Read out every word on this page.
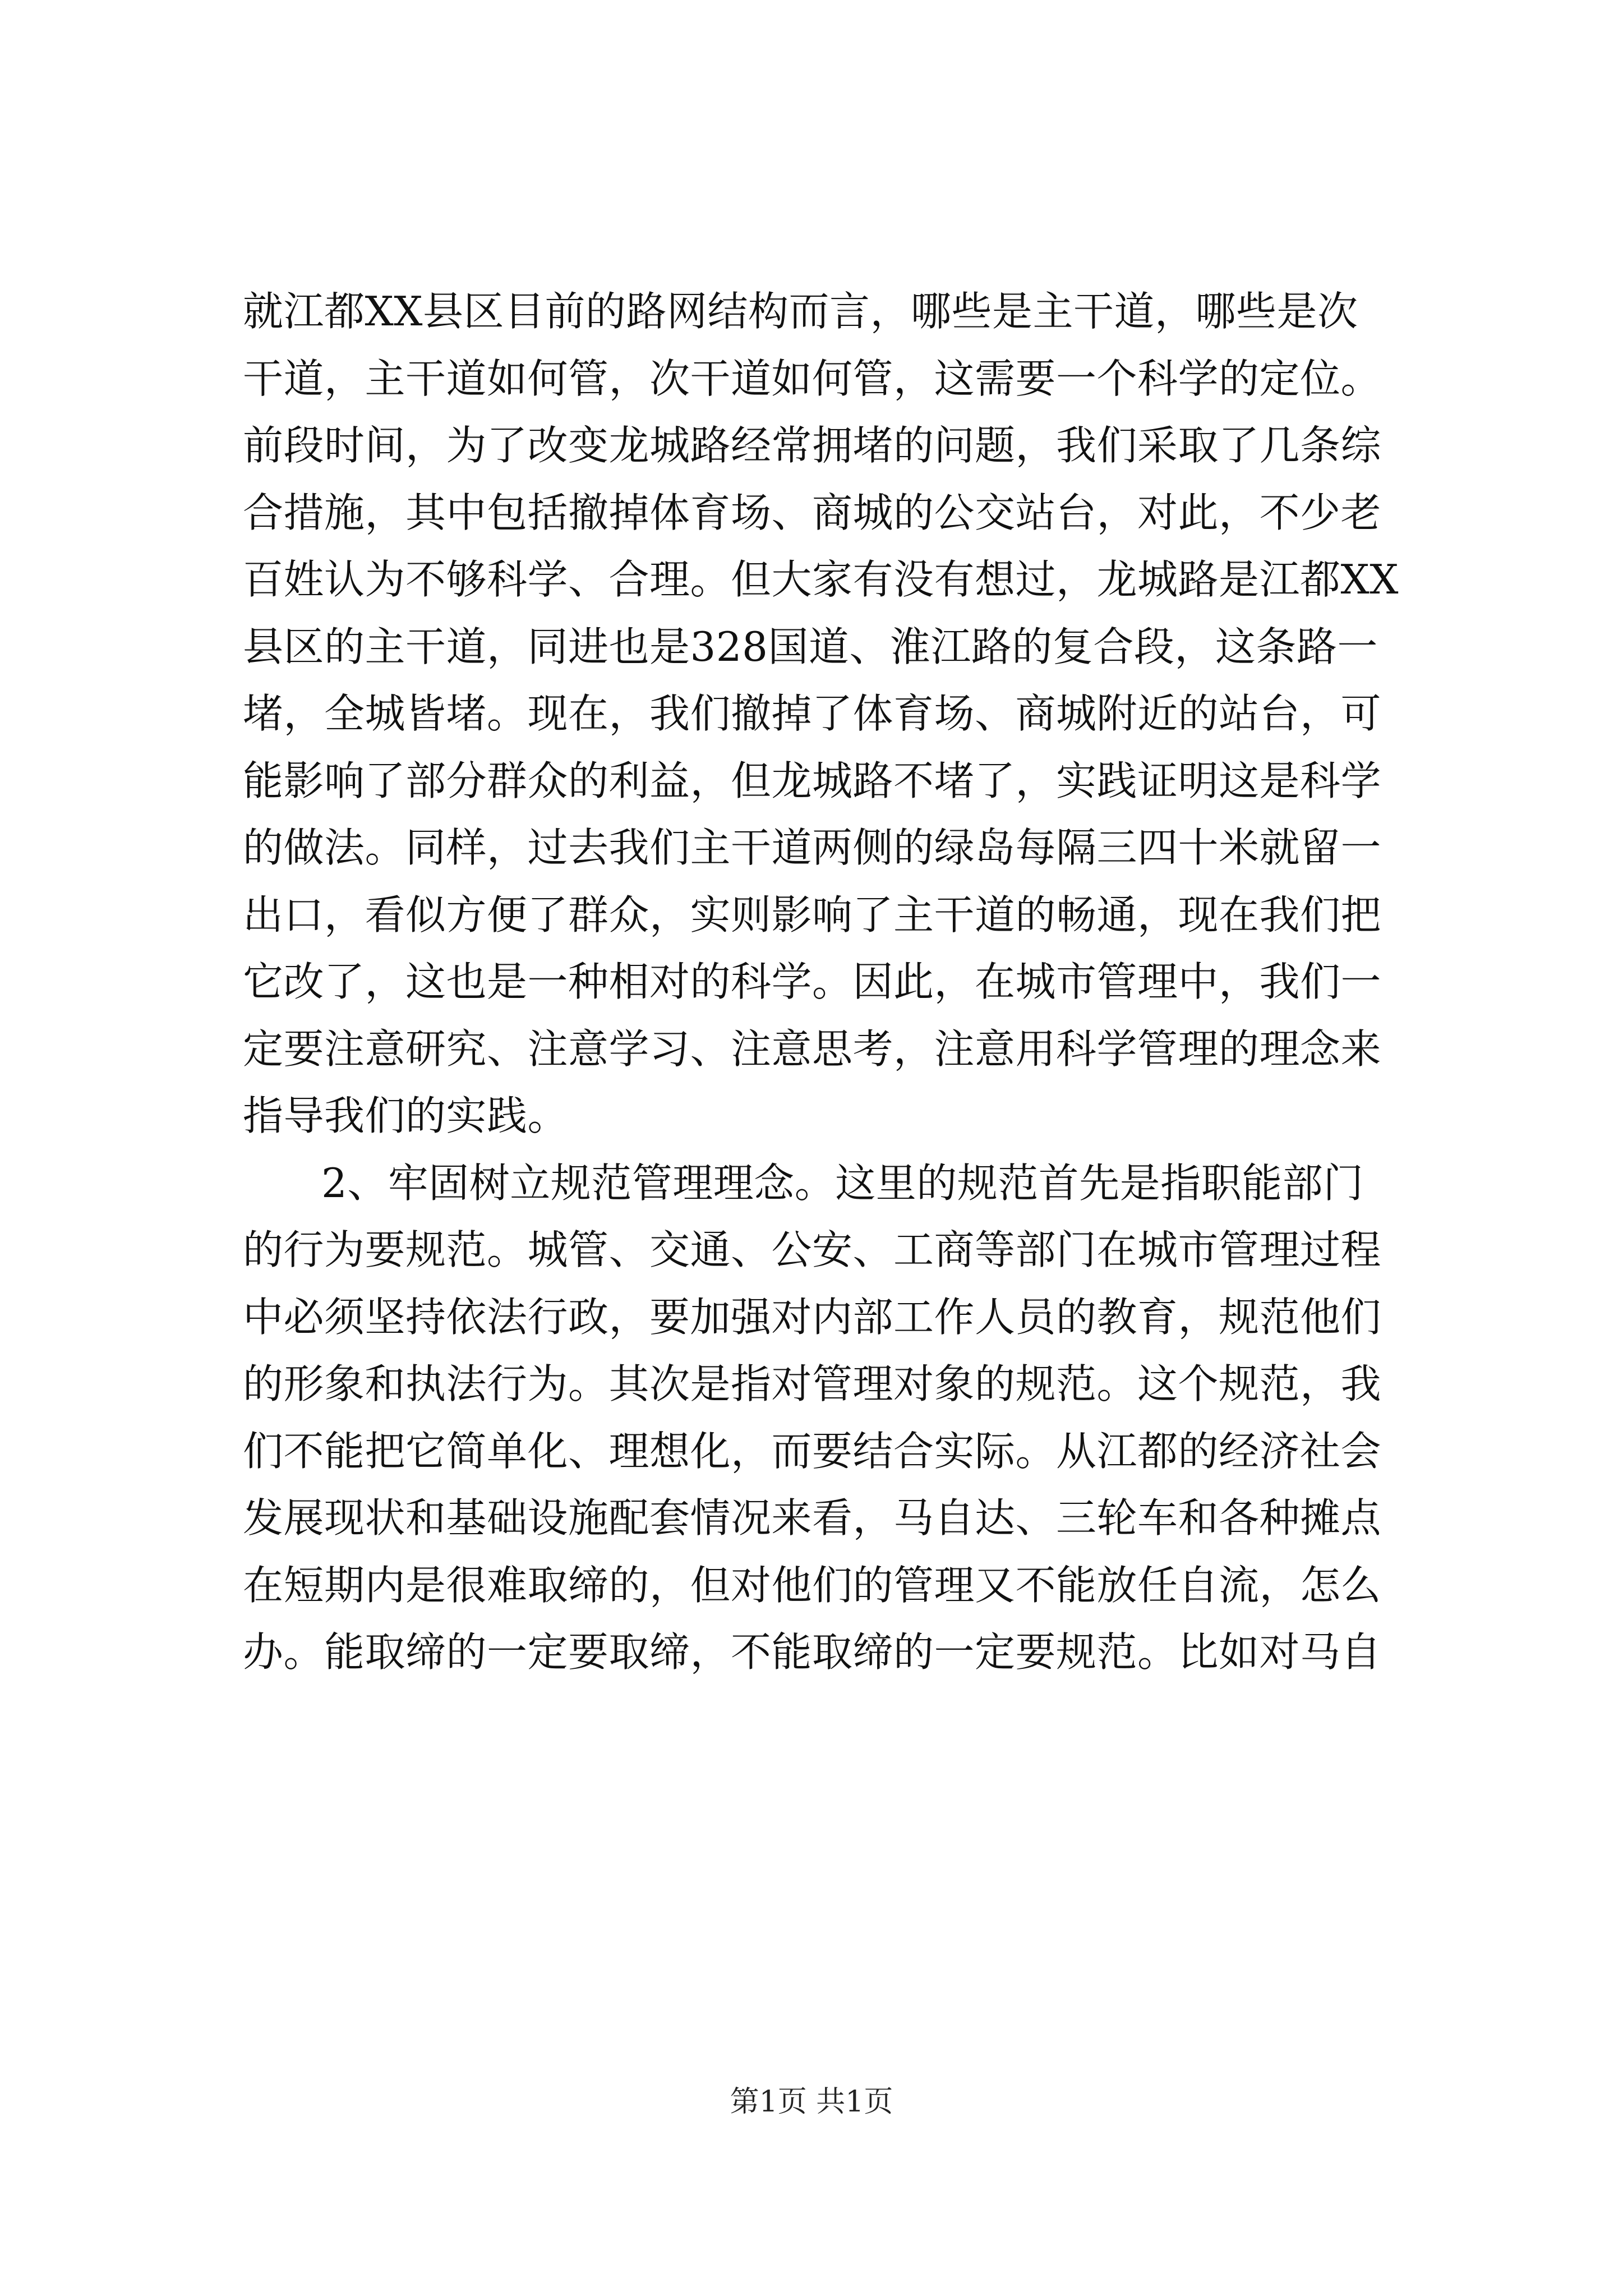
就江都XX县区目前的路网结构而言，哪些是主干道，哪些是次
干道，主干道如何管，次干道如何管，这需要一个科学的定位。
前段时间，为了改变龙城路经常拥堵的问题，我们采取了几条综
合措施，其中包括撤掉体育场、商城的公交站台，对此，不少老
百姓认为不够科学、合理。但大家有没有想过，龙城路是江都XX
县区的主干道，同进也是328国道、淮江路的复合段，这条路一
堵，全城皆堵。现在，我们撤掉了体育场、商城附近的站台，可
能影响了部分群众的利益，但龙城路不堵了，实践证明这是科学
的做法。同样，过去我们主干道两侧的绿岛每隔三四十米就留一
出口，看似方便了群众，实则影响了主干道的畅通，现在我们把
它改了，这也是一种相对的科学。因此，在城市管理中，我们一
定要注意研究、注意学习、注意思考，注意用科学管理的理念来
指导我们的实践。
2、牢固树立规范管理理念。这里的规范首先是指职能部门
的行为要规范。城管、交通、公安、工商等部门在城市管理过程
中必须坚持依法行政，要加强对内部工作人员的教育，规范他们
的形象和执法行为。其次是指对管理对象的规范。这个规范，我
们不能把它简单化、理想化，而要结合实际。从江都的经济社会
发展现状和基础设施配套情况来看，马自达、三轮车和各种摊点
在短期内是很难取缔的，但对他们的管理又不能放任自流，怎么
办。能取缔的一定要取缔，不能取缔的一定要规范。比如对马自
第1页 共1页
